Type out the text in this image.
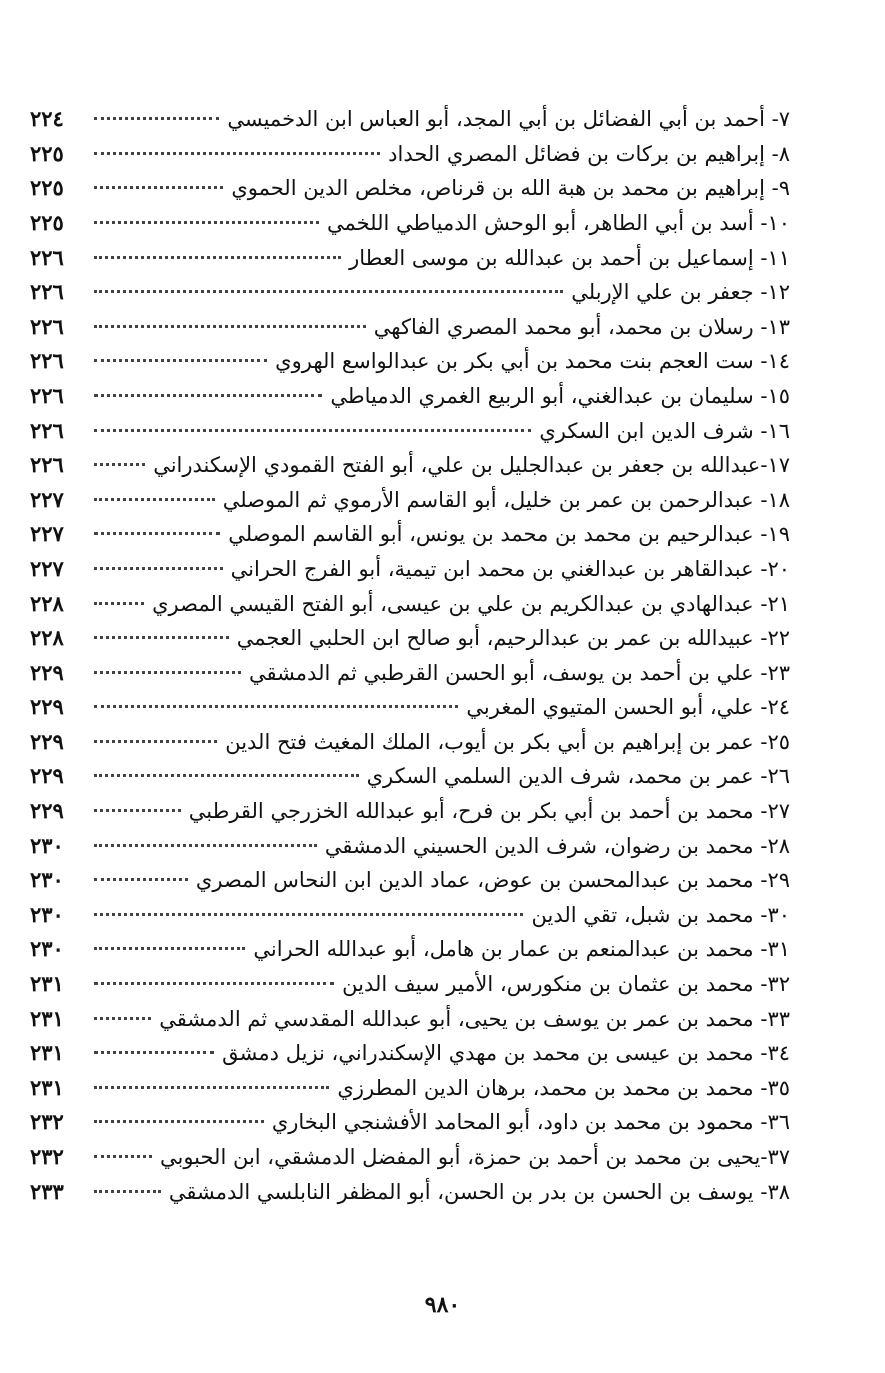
٧- أحمد بن أبي الفضائل بن أبي المجد، أبو العباس ابن الدخميسي
٢٢٤
٨- إبراهيم بن بركات بن فضائل المصري الحداد
٢٢٥
٩- إبراهيم بن محمد بن هبة الله بن قرناص، مخلص الدين الحموي
٢٢٥
١٠- أسد بن أبي الطاهر، أبو الوحش الدمياطي اللخمي
٢٢٥
١١- إسماعيل بن أحمد بن عبدالله بن موسى العطار
٢٢٦
١٢- جعفر بن علي الإربلي
٢٢٦
١٣- رسلان بن محمد، أبو محمد المصري الفاكهي
٢٢٦
١٤- ست العجم بنت محمد بن أبي بكر بن عبدالواسع الهروي
٢٢٦
١٥- سليمان بن عبدالغني، أبو الربيع الغمري الدمياطي
٢٢٦
١٦- شرف الدين ابن السكري
٢٢٦
١٧-عبدالله بن جعفر بن عبدالجليل بن علي، أبو الفتح القمودي الإسكندراني
٢٢٦
١٨- عبدالرحمن بن عمر بن خليل، أبو القاسم الأرموي ثم الموصلي
٢٢٧
١٩- عبدالرحيم بن محمد بن محمد بن يونس، أبو القاسم الموصلي
٢٢٧
٢٠- عبدالقاهر بن عبدالغني بن محمد ابن تيمية، أبو الفرج الحراني
٢٢٧
٢١- عبدالهادي بن عبدالكريم بن علي بن عيسى، أبو الفتح القيسي المصري
٢٢٨
٢٢- عبيدالله بن عمر بن عبدالرحيم، أبو صالح ابن الحلبي العجمي
٢٢٨
٢٣- علي بن أحمد بن يوسف، أبو الحسن القرطبي ثم الدمشقي
٢٢٩
٢٤- علي، أبو الحسن المتيوي المغربي
٢٢٩
٢٥- عمر بن إبراهيم بن أبي بكر بن أيوب، الملك المغيث فتح الدين
٢٢٩
٢٦- عمر بن محمد، شرف الدين السلمي السكري
٢٢٩
٢٧- محمد بن أحمد بن أبي بكر بن فرح، أبو عبدالله الخزرجي القرطبي
٢٢٩
٢٨- محمد بن رضوان، شرف الدين الحسيني الدمشقي
٢٣٠
٢٩- محمد بن عبدالمحسن بن عوض، عماد الدين ابن النحاس المصري
٢٣٠
٣٠- محمد بن شبل، تقي الدين
٢٣٠
٣١- محمد بن عبدالمنعم بن عمار بن هامل، أبو عبدالله الحراني
٢٣٠
٣٢- محمد بن عثمان بن منكورس، الأمير سيف الدين
٢٣١
٣٣- محمد بن عمر بن يوسف بن يحيى، أبو عبدالله المقدسي ثم الدمشقي
٢٣١
٣٤- محمد بن عيسى بن محمد بن مهدي الإسكندراني، نزيل دمشق
٢٣١
٣٥- محمد بن محمد بن محمد، برهان الدين المطرزي
٢٣١
٣٦- محمود بن محمد بن داود، أبو المحامد الأفشنجي البخاري
٢٣٢
٣٧-يحيى بن محمد بن أحمد بن حمزة، أبو المفضل الدمشقي، ابن الحبوبي
٢٣٢
٣٨- يوسف بن الحسن بن بدر بن الحسن، أبو المظفر النابلسي الدمشقي
٢٣٣
٩٨٠
